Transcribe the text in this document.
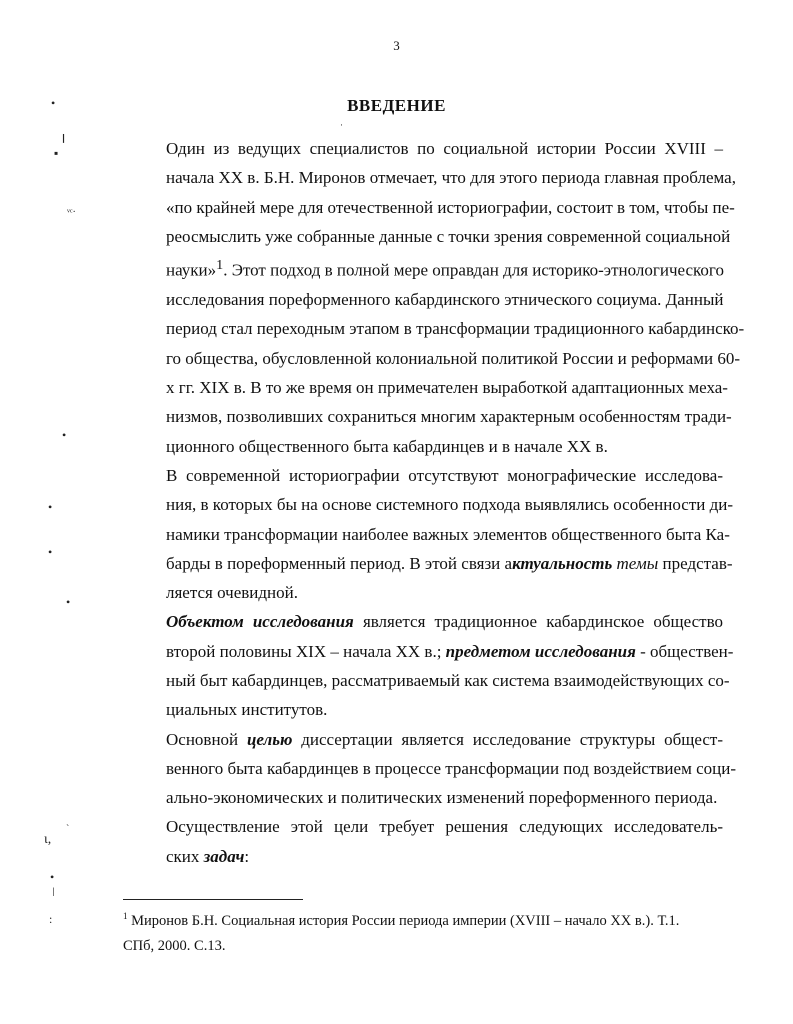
3
ВВЕДЕНИЕ

Один из ведущих специалистов по социальной истории России XVIII –
начала XX в. Б.Н. Миронов отмечает, что для этого периода главная проблема,
«по крайней мере для отечественной историографии, состоит в том, чтобы пе-
реосмыслить уже собранные данные с точки зрения современной социальной
науки»$^1$. Этот подход в полной мере оправдан для историко-этнологического
исследования пореформенного кабардинского этнического социума. Данный
период стал переходным этапом в трансформации традиционного кабардинско-
го общества, обусловленной колониальной политикой России и реформами 60-
х гг. XIX в. В то же время он примечателен выработкой адаптационных меха-
низмов, позволивших сохраниться многим характерным особенностям тради-
ционного общественного быта кабардинцев и в начале XX в.

В современной историографии отсутствуют монографические исследова-
ния, в которых бы на основе системного подхода выявлялись особенности ди-
намики трансформации наиболее важных элементов общественного быта Ка-
барды в пореформенный период. В этой связи актуальность темы представ-
ляется очевидной.

Объектом исследования является традиционное кабардинское общество
второй половины XIX – начала XX в.; предметом исследования - обществен-
ный быт кабардинцев, рассматриваемый как система взаимодействующих со-
циальных институтов.

Основной целью диссертации является исследование структуры общест-
венного быта кабардинцев в процессе трансформации под воздействием соци-
ально-экономических и политических изменений пореформенного периода.

Осуществление этой цели требует решения следующих исследователь-
ских задач:

$^1$ Миронов Б.Н. Социальная история России периода империи (XVIII – начало XX в.). Т.1.
СПб, 2000. С.13.
•
╵
▪
·
ᵛᶜ·
•
•
•
•
ɩ,
`
•
ǀ
:
